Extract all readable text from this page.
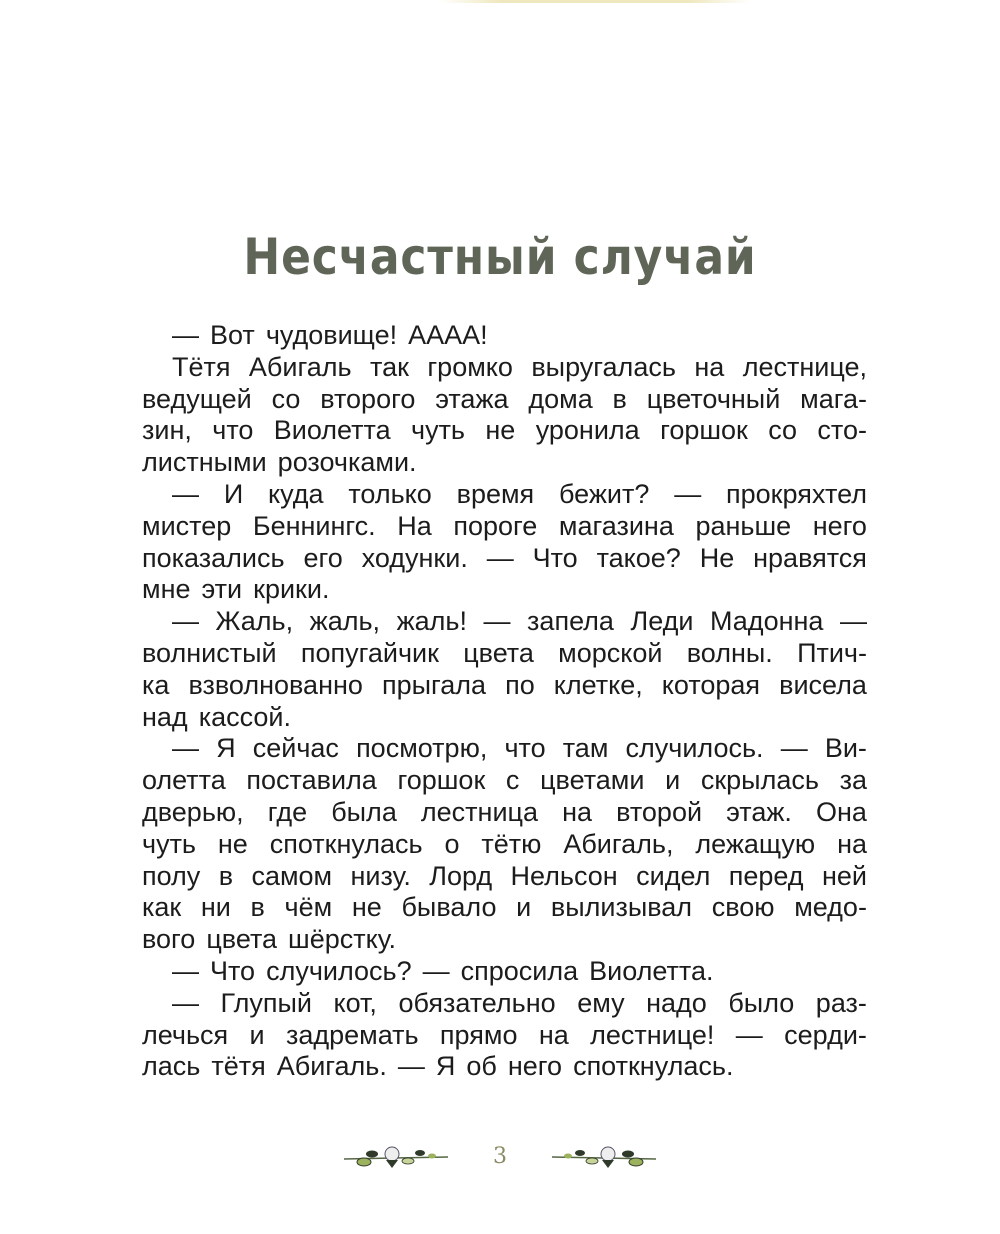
Несчастный случай
— Вот чудовище! АААА!
Тётя Абигаль так громко выругалась на лестнице,
ведущей со второго этажа дома в цветочный мага-
зин, что Виолетта чуть не уронила горшок со сто-
листными розочками.
— И куда только время бежит? — прокряхтел
мистер Беннингс. На пороге магазина раньше него
показались его ходунки. — Что такое? Не нравятся
мне эти крики.
— Жаль, жаль, жаль! — запела Леди Мадонна —
волнистый попугайчик цвета морской волны. Птич-
ка взволнованно прыгала по клетке, которая висела
над кассой.
— Я сейчас посмотрю, что там случилось. — Ви-
олетта поставила горшок с цветами и скрылась за
дверью, где была лестница на второй этаж. Она
чуть не споткнулась о тётю Абигаль, лежащую на
полу в самом низу. Лорд Нельсон сидел перед ней
как ни в чём не бывало и вылизывал свою медо-
вого цвета шёрстку.
— Что случилось? — спросила Виолетта.
— Глупый кот, обязательно ему надо было раз-
лечься и задремать прямо на лестнице! — серди-
лась тётя Абигаль. — Я об него споткнулась.
3
